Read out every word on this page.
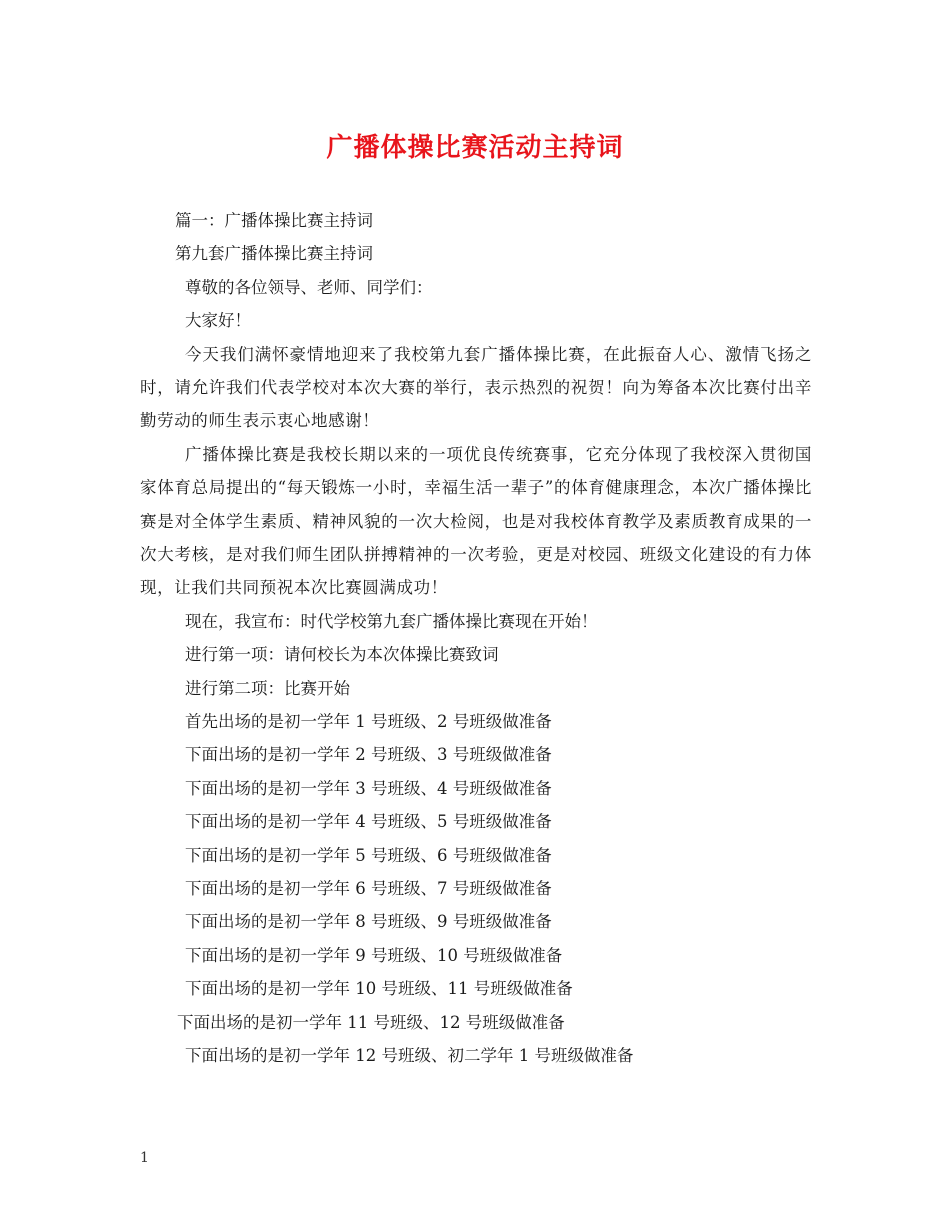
广播体操比赛活动主持词
篇一：广播体操比赛主持词
第九套广播体操比赛主持词
尊敬的各位领导、老师、同学们：
大家好！
今天我们满怀豪情地迎来了我校第九套广播体操比赛，在此振奋人心、激情飞扬之时，请允许我们代表学校对本次大赛的举行，表示热烈的祝贺！向为筹备本次比赛付出辛勤劳动的师生表示衷心地感谢！
广播体操比赛是我校长期以来的一项优良传统赛事，它充分体现了我校深入贯彻国家体育总局提出的“每天锻炼一小时，幸福生活一辈子”的体育健康理念，本次广播体操比赛是对全体学生素质、精神风貌的一次大检阅，也是对我校体育教学及素质教育成果的一次大考核，是对我们师生团队拼搏精神的一次考验，更是对校园、班级文化建设的有力体现，让我们共同预祝本次比赛圆满成功！
现在，我宣布：时代学校第九套广播体操比赛现在开始！
进行第一项：请何校长为本次体操比赛致词
进行第二项：比赛开始
首先出场的是初一学年 1 号班级、2 号班级做准备
下面出场的是初一学年 2 号班级、3 号班级做准备
下面出场的是初一学年 3 号班级、4 号班级做准备
下面出场的是初一学年 4 号班级、5 号班级做准备
下面出场的是初一学年 5 号班级、6 号班级做准备
下面出场的是初一学年 6 号班级、7 号班级做准备
下面出场的是初一学年 8 号班级、9 号班级做准备
下面出场的是初一学年 9 号班级、10 号班级做准备
下面出场的是初一学年 10 号班级、11 号班级做准备
下面出场的是初一学年 11 号班级、12 号班级做准备
下面出场的是初一学年 12 号班级、初二学年 1 号班级做准备
1
